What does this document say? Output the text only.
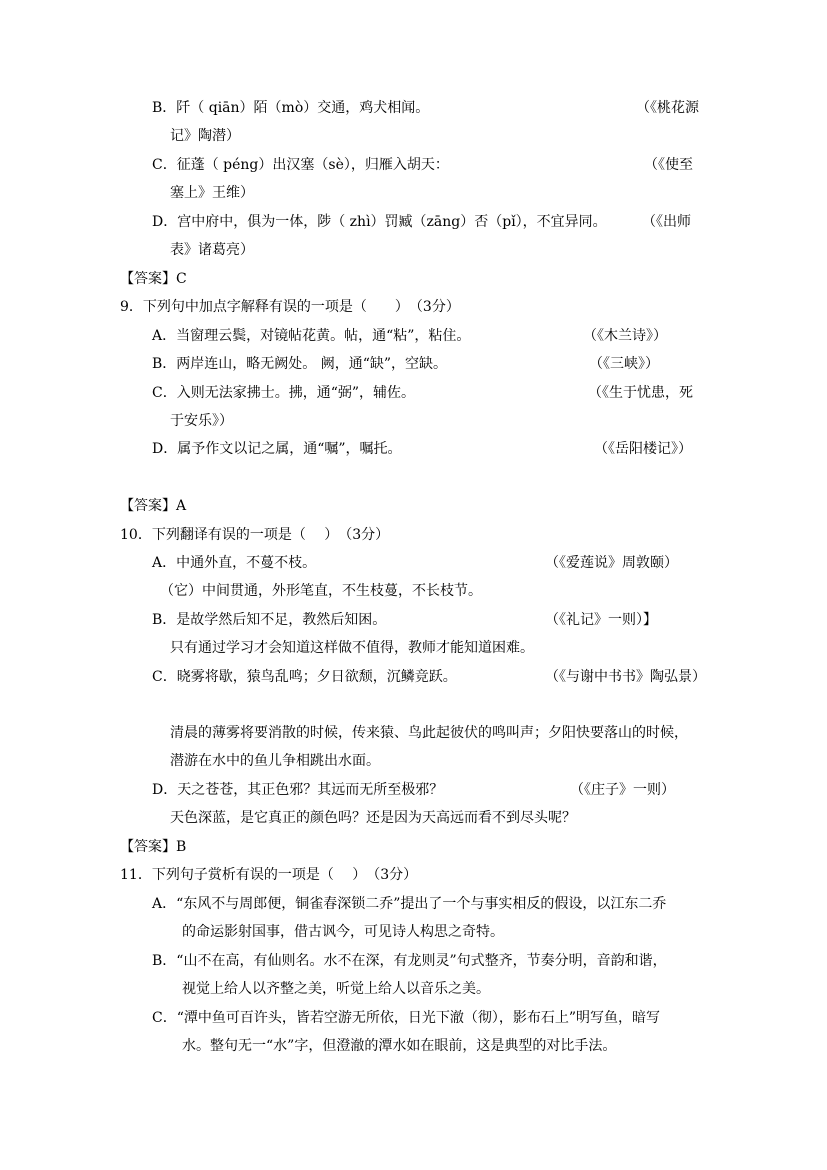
B．阡（ qiān）陌（mò）交通，鸡犬相闻。	（《桃花源
记》陶潜）
C．征蓬（ péng）出汉塞（sè），归雁入胡天：	（《使至
塞上》王维）
D．宫中府中，俱为一体，陟（ zhì）罚臧（zāng）否（pǐ），不宜异同。	（《出师
表》诸葛亮）
【答案】C
9．下列句中加点字解释有误的一项是（　　）　（3分）
A．当窗理云鬓，对镜帖花黄。帖，通“粘”，粘住。	（《木兰诗》）
B．两岸连山，略无阙处。 阙，通“缺”，空缺。	（《三峡》）
C．入则无法家拂士。拂，通“弼”，辅佐。	（《生于忧患，死
于安乐》）
D．属予作文以记之属，通“嘱”，嘱托。	（《岳阳楼记》）
【答案】A
10．下列翻译有误的一项是（　 ）　（3分）
A．中通外直，不蔓不枝。	（《爱莲说》周敦颐）
（它）中间贯通，外形笔直，不生枝蔓，不长枝节。
B．是故学然后知不足，教然后知困。	（《礼记》一则）】
只有通过学习才会知道这样做不值得，教师才能知道困难。
C．晓雾将歇，猿鸟乱鸣；夕日欲颓，沉鳞竞跃。	（《与谢中书书》陶弘景）
清晨的薄雾将要消散的时候，传来猿、鸟此起彼伏的鸣叫声；夕阳快要落山的时候，
潜游在水中的鱼儿争相跳出水面。
D．天之苍苍，其正色邪？其远而无所至极邪？	（《庄子》一则）
天色深蓝，是它真正的颜色吗？还是因为天高远而看不到尽头呢？
【答案】B
11．下列句子赏析有误的一项是（　 ）　（3分）
A．“东风不与周郎便，铜雀春深锁二乔”提出了一个与事实相反的假设，以江东二乔
的命运影射国事，借古讽今，可见诗人构思之奇特。
B．“山不在高，有仙则名。水不在深，有龙则灵”句式整齐，节奏分明，音韵和谐，
视觉上给人以齐整之美，听觉上给人以音乐之美。
C．“潭中鱼可百许头，皆若空游无所依，日光下澈（彻），影布石上”明写鱼，暗写
水。整句无一“水”字，但澄澈的潭水如在眼前，这是典型的对比手法。
